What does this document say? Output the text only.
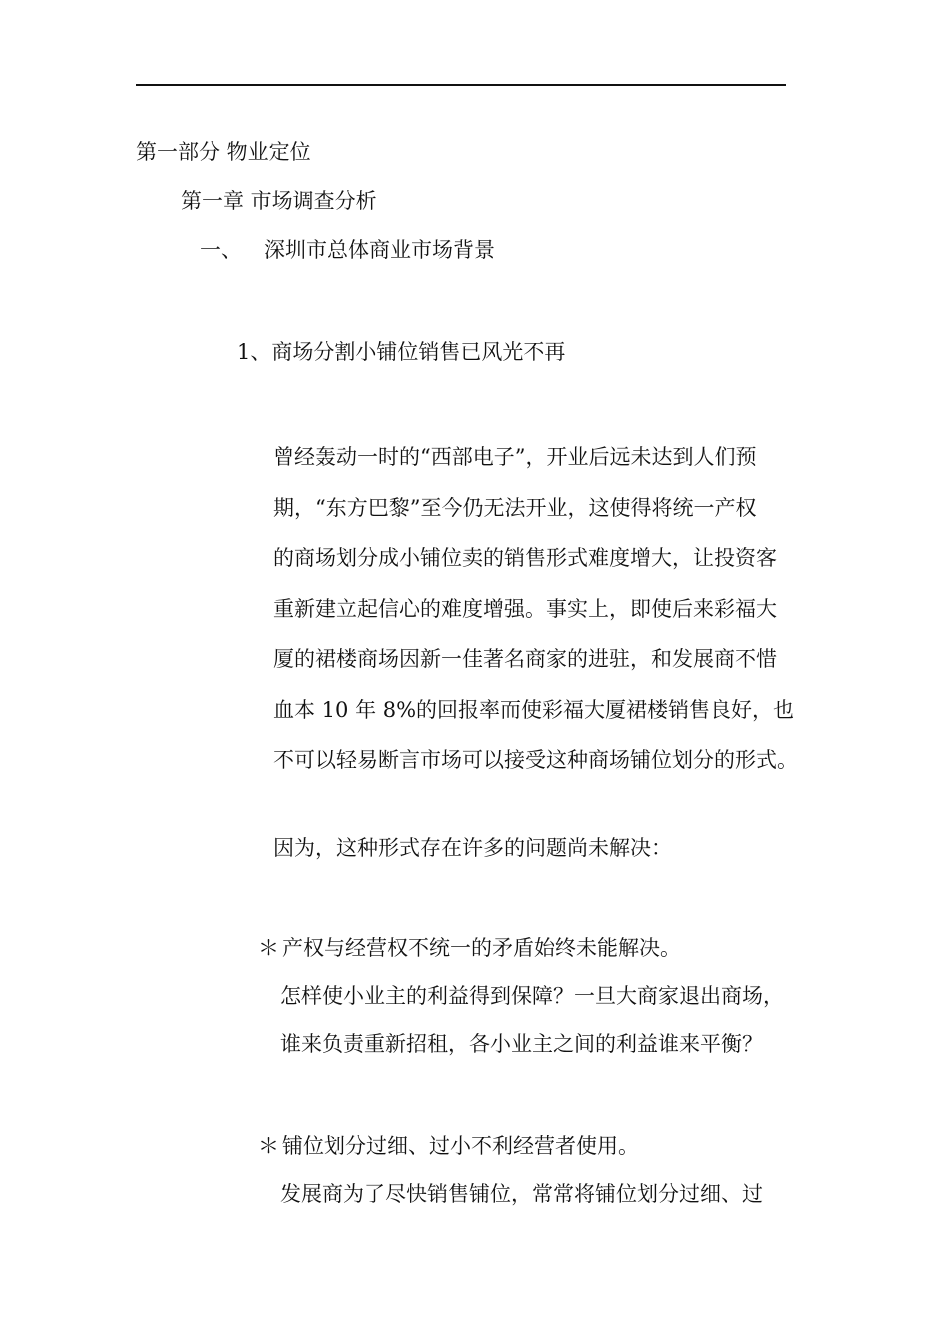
第一部分 物业定位
第一章 市场调查分析
一、 深圳市总体商业市场背景
1、商场分割小铺位销售已风光不再
曾经轰动一时的“西部电子”，开业后远未达到人们预
期，“东方巴黎”至今仍无法开业，这使得将统一产权
的商场划分成小铺位卖的销售形式难度增大，让投资客
重新建立起信心的难度增强。事实上，即使后来彩福大
厦的裙楼商场因新一佳著名商家的进驻，和发展商不惜
血本 10 年 8%的回报率而使彩福大厦裙楼销售良好，也
不可以轻易断言市场可以接受这种商场铺位划分的形式。
因为，这种形式存在许多的问题尚未解决：
＊ 产权与经营权不统一的矛盾始终未能解决。
怎样使小业主的利益得到保障？一旦大商家退出商场，
谁来负责重新招租，各小业主之间的利益谁来平衡？
＊ 铺位划分过细、过小不利经营者使用。
发展商为了尽快销售铺位，常常将铺位划分过细、过
